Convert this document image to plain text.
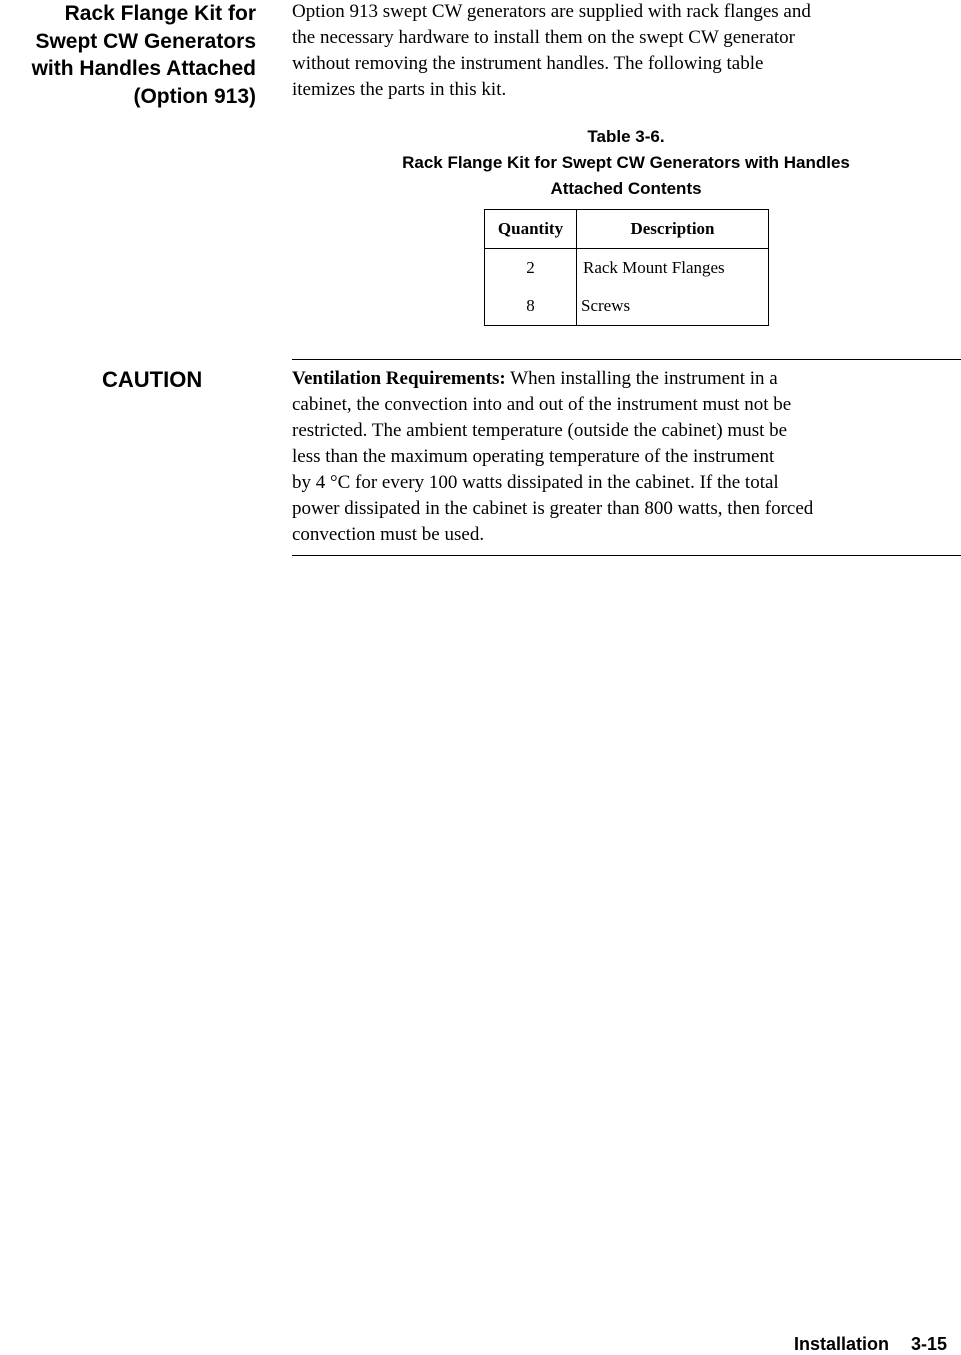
Rack Flange Kit for
Swept CW Generators
with Handles Attached
(Option 913)
Option 913 swept CW generators are supplied with rack flanges and
the necessary hardware to install them on the swept CW generator
without removing the instrument handles. The following table
itemizes the parts in this kit.
Table 3-6.
Rack Flange Kit for Swept CW Generators with Handles
Attached Contents
Quantity	Description
2	Rack Mount Flanges
8	Screws
CAUTION	Ventilation Requirements: When installing the instrument in a
cabinet, the convection into and out of the instrument must not be
restricted. The ambient temperature (outside the cabinet) must be
less than the maximum operating temperature of the instrument
by 4 °C for every 100 watts dissipated in the cabinet. If the total
power dissipated in the cabinet is greater than 800 watts, then forced
convection must be used.
Installation 3-15
